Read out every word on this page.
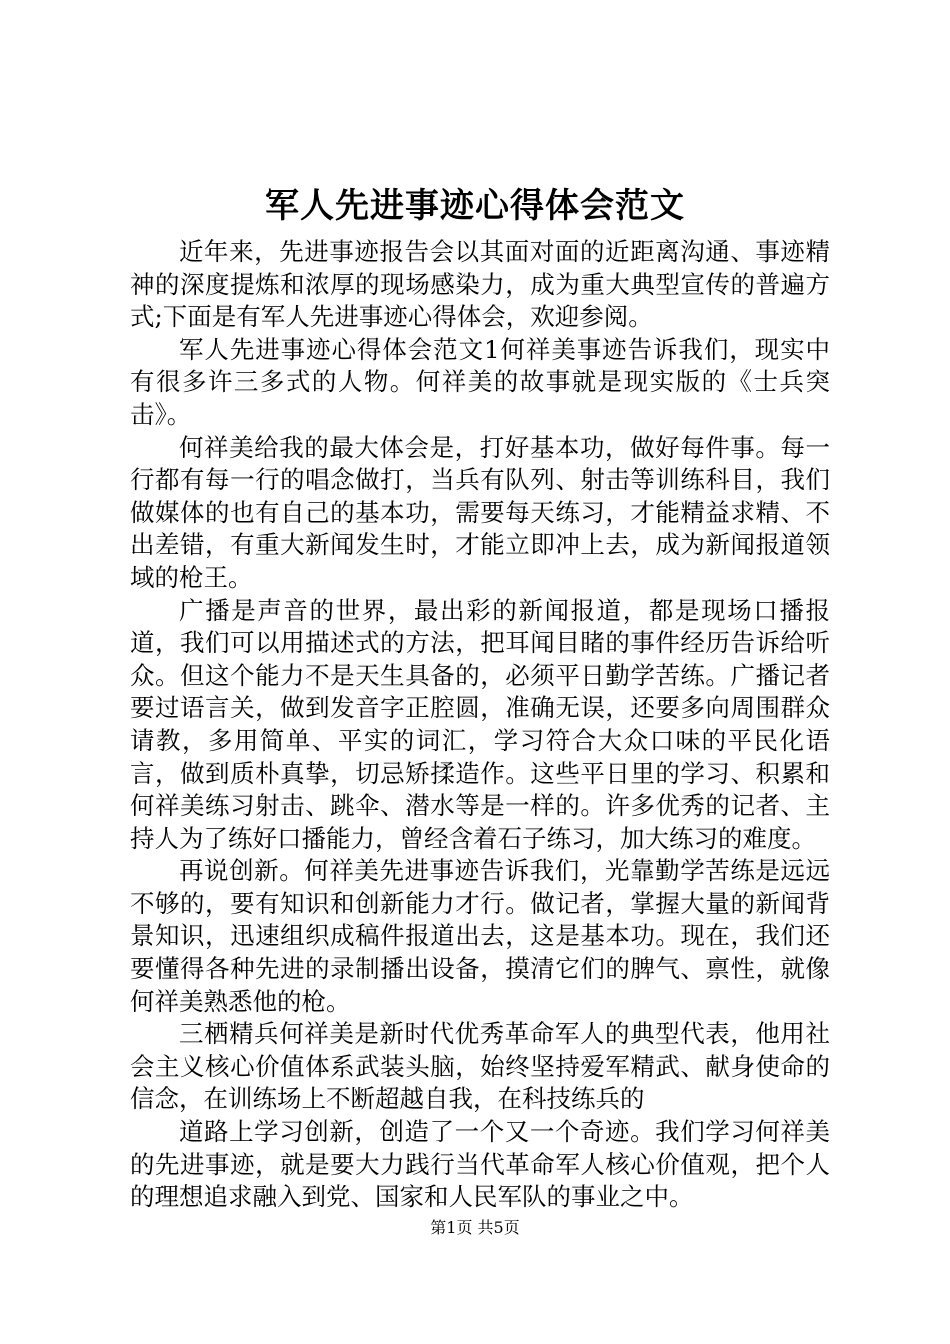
军人先进事迹心得体会范文

近年来，先进事迹报告会以其面对面的近距离沟通、事迹精神的深度提炼和浓厚的现场感染力，成为重大典型宣传的普遍方式;下面是有军人先进事迹心得体会，欢迎参阅。

军人先进事迹心得体会范文1何祥美事迹告诉我们，现实中有很多许三多式的人物。何祥美的故事就是现实版的《士兵突击》。

何祥美给我的最大体会是，打好基本功，做好每件事。每一行都有每一行的唱念做打，当兵有队列、射击等训练科目，我们做媒体的也有自己的基本功，需要每天练习，才能精益求精、不出差错，有重大新闻发生时，才能立即冲上去，成为新闻报道领域的枪王。

广播是声音的世界，最出彩的新闻报道，都是现场口播报道，我们可以用描述式的方法，把耳闻目睹的事件经历告诉给听众。但这个能力不是天生具备的，必须平日勤学苦练。广播记者要过语言关，做到发音字正腔圆，准确无误，还要多向周围群众请教，多用简单、平实的词汇，学习符合大众口味的平民化语言，做到质朴真挚，切忌矫揉造作。这些平日里的学习、积累和何祥美练习射击、跳伞、潜水等是一样的。许多优秀的记者、主持人为了练好口播能力，曾经含着石子练习，加大练习的难度。

再说创新。何祥美先进事迹告诉我们，光靠勤学苦练是远远不够的，要有知识和创新能力才行。做记者，掌握大量的新闻背景知识，迅速组织成稿件报道出去，这是基本功。现在，我们还要懂得各种先进的录制播出设备，摸清它们的脾气、禀性，就像何祥美熟悉他的枪。

三栖精兵何祥美是新时代优秀革命军人的典型代表，他用社会主义核心价值体系武装头脑，始终坚持爱军精武、献身使命的信念，在训练场上不断超越自我，在科技练兵的

道路上学习创新，创造了一个又一个奇迹。我们学习何祥美的先进事迹，就是要大力践行当代革命军人核心价值观，把个人的理想追求融入到党、国家和人民军队的事业之中。

第1页 共5页
